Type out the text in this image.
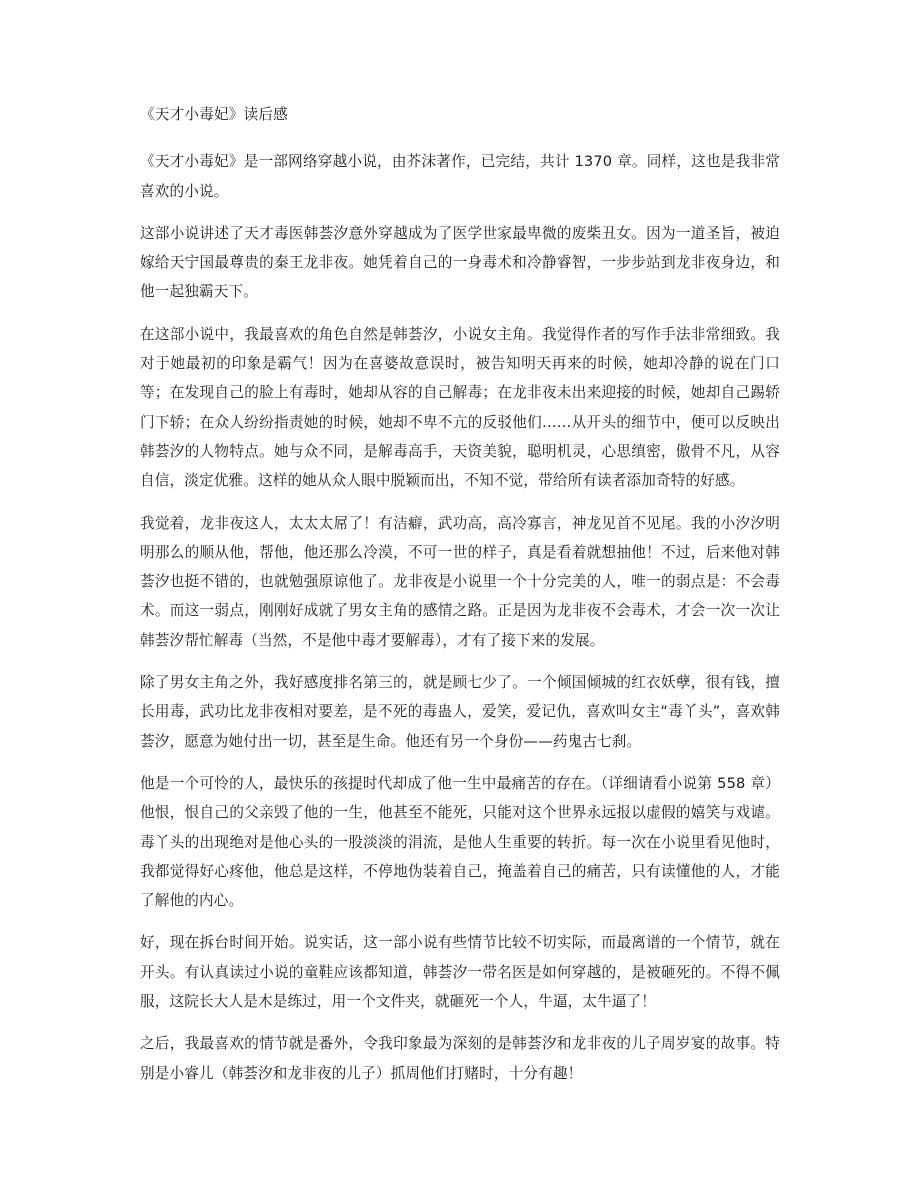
《天才小毒妃》读后感

《天才小毒妃》是一部网络穿越小说，由芥沫著作，已完结，共计 1370 章。同样，这也是我非常喜欢的小说。

这部小说讲述了天才毒医韩荟汐意外穿越成为了医学世家最卑微的废柴丑女。因为一道圣旨，被迫嫁给天宁国最尊贵的秦王龙非夜。她凭着自己的一身毒术和冷静睿智，一步步站到龙非夜身边，和他一起独霸天下。

在这部小说中，我最喜欢的角色自然是韩荟汐，小说女主角。我觉得作者的写作手法非常细致。我对于她最初的印象是霸气！因为在喜婆故意误时，被告知明天再来的时候，她却冷静的说在门口等；在发现自己的脸上有毒时，她却从容的自己解毒；在龙非夜未出来迎接的时候，她却自己踢轿门下轿；在众人纷纷指责她的时候，她却不卑不亢的反驳他们……从开头的细节中，便可以反映出韩荟汐的人物特点。她与众不同，是解毒高手，天资美貌，聪明机灵，心思缜密，傲骨不凡，从容自信，淡定优雅。这样的她从众人眼中脱颖而出，不知不觉，带给所有读者添加奇特的好感。

我觉着，龙非夜这人，太太太屌了！有洁癖，武功高，高冷寡言，神龙见首不见尾。我的小汐汐明明那么的顺从他，帮他，他还那么冷漠，不可一世的样子，真是看着就想抽他！不过，后来他对韩荟汐也挺不错的，也就勉强原谅他了。龙非夜是小说里一个十分完美的人，唯一的弱点是：不会毒术。而这一弱点，刚刚好成就了男女主角的感情之路。正是因为龙非夜不会毒术，才会一次一次让韩荟汐帮忙解毒（当然，不是他中毒才要解毒），才有了接下来的发展。

除了男女主角之外，我好感度排名第三的，就是顾七少了。一个倾国倾城的红衣妖孽，很有钱，擅长用毒，武功比龙非夜相对要差，是不死的毒蛊人，爱笑，爱记仇，喜欢叫女主“毒丫头”，喜欢韩荟汐，愿意为她付出一切，甚至是生命。他还有另一个身份——药鬼古七刹。

他是一个可怜的人，最快乐的孩提时代却成了他一生中最痛苦的存在。（详细请看小说第 558 章）他恨，恨自己的父亲毁了他的一生，他甚至不能死，只能对这个世界永远报以虚假的嬉笑与戏谑。毒丫头的出现绝对是他心头的一股淡淡的涓流，是他人生重要的转折。每一次在小说里看见他时，我都觉得好心疼他，他总是这样，不停地伪装着自己，掩盖着自己的痛苦，只有读懂他的人，才能了解他的内心。

好，现在拆台时间开始。说实话，这一部小说有些情节比较不切实际，而最离谱的一个情节，就在开头。有认真读过小说的童鞋应该都知道，韩荟汐一带名医是如何穿越的，是被砸死的。不得不佩服，这院长大人是木是练过，用一个文件夹，就砸死一个人，牛逼，太牛逼了！

之后，我最喜欢的情节就是番外，令我印象最为深刻的是韩荟汐和龙非夜的儿子周岁宴的故事。特别是小睿儿（韩荟汐和龙非夜的儿子）抓周他们打赌时，十分有趣！
